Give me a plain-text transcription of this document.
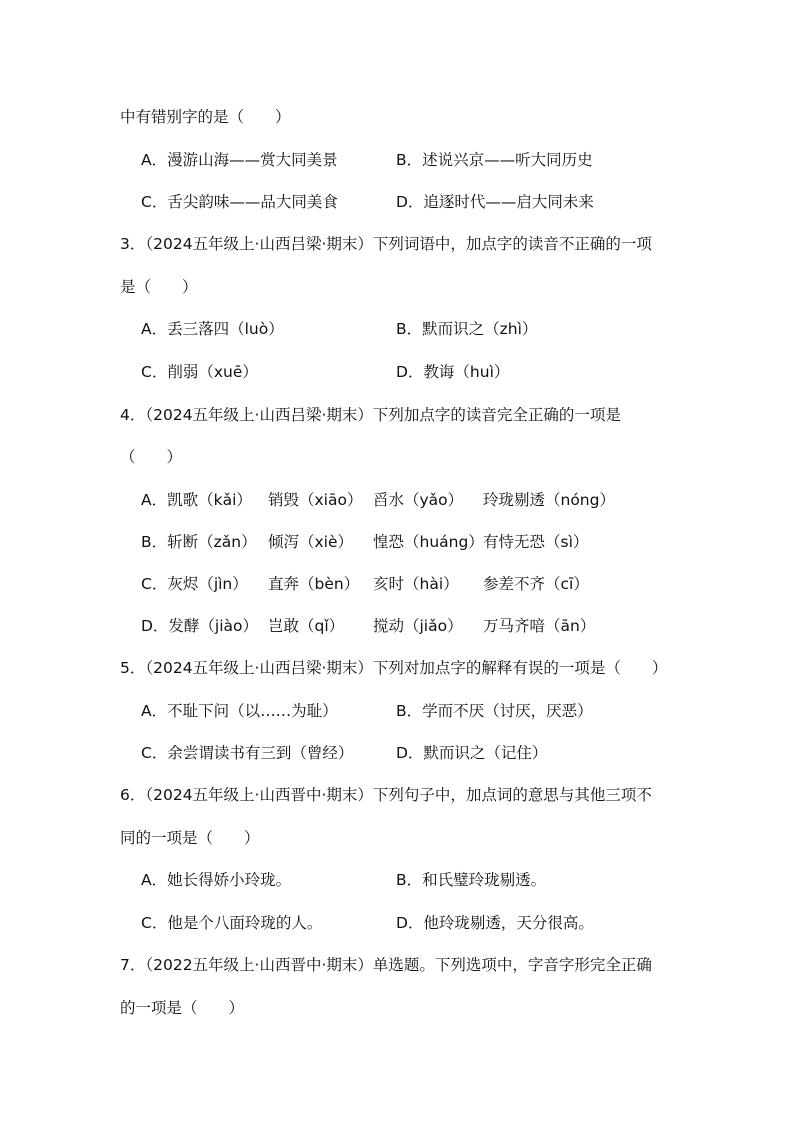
中有错别字的是（　　）
A．漫游山海——赏大同美景	B．述说兴京——听大同历史
C．舌尖韵味——品大同美食	D．追逐时代——启大同未来
3．（2024五年级上·山西吕梁·期末）下列词语中，加点字的读音不正确的一项
是（　　）
A．丢三落四（luò）	B．默而识之（zhì）
C．削弱（xuē）	D．教诲（huì）
4．（2024五年级上·山西吕梁·期末）下列加点字的读音完全正确的一项是
（　　）
A．凯歌（kǎi） 销毁（xiāo） 舀水（yǎo） 玲珑剔透（nóng）
B．斩断（zǎn） 倾泻（xiè） 惶恐（huáng） 有恃无恐（sì）
C．灰烬（jìn） 直奔（bèn） 亥时（hài） 参差不齐（cī）
D．发酵（jiào） 岂敢（qǐ） 搅动（jiǎo） 万马齐喑（ān）
5．（2024五年级上·山西吕梁·期末）下列对加点字的解释有误的一项是（　　）
A．不耻下问（以……为耻）	B．学而不厌（讨厌，厌恶）
C．余尝谓读书有三到（曾经）	D．默而识之（记住）
6．（2024五年级上·山西晋中·期末）下列句子中，加点词的意思与其他三项不
同的一项是（　　）
A．她长得娇小玲珑。	B．和氏璧玲珑剔透。
C．他是个八面玲珑的人。	D．他玲珑剔透，天分很高。
7．（2022五年级上·山西晋中·期末）单选题。下列选项中，字音字形完全正确
的一项是（　　）
